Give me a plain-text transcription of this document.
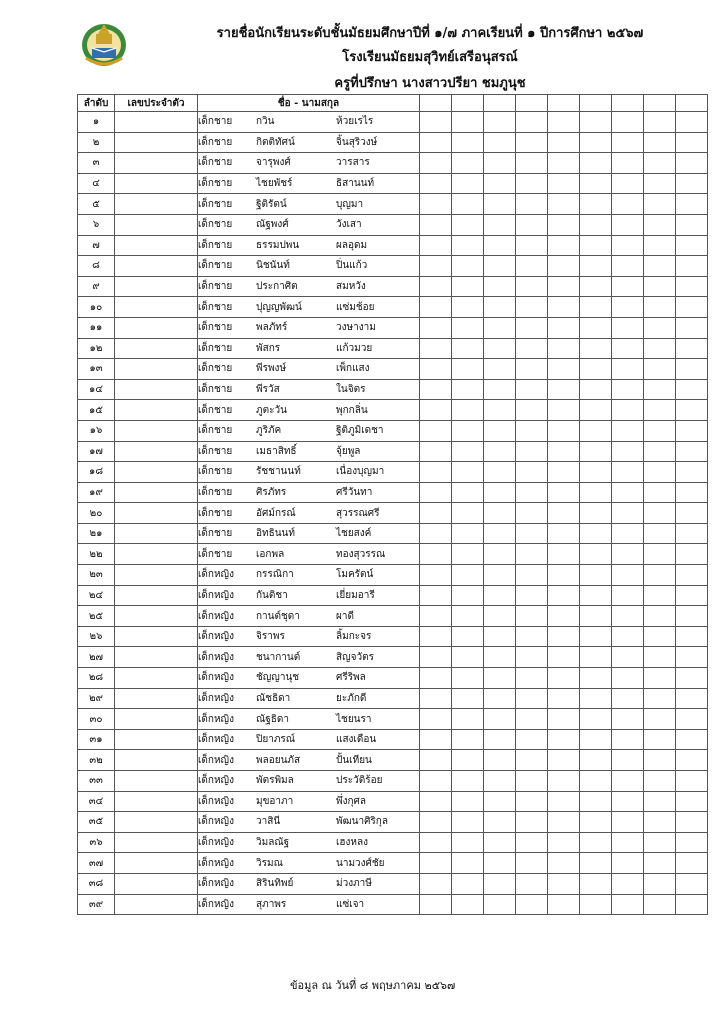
รายชื่อนักเรียนระดับชั้นมัธยมศึกษาปีที่ ๑/๗ ภาคเรียนที่ ๑ ปีการศึกษา ๒๕๖๗
โรงเรียนมัธยมสุวิทย์เสรีอนุสรณ์
ครูที่ปรึกษา นางสาวปรียา ชมภูนุช
ลำดับ	เลขประจำตัว	ชื่อ - นามสกุล									
๑		เด็กชาย กวิน ห้วยเรไร									
๒		เด็กชาย กิตติทัศน์ จิ้นสุริวงษ์									
๓		เด็กชาย จารุพงศ์ วารสาร									
๔		เด็กชาย ไชยพัชร์ ธิสานนท์									
๕		เด็กชาย ฐิติรัตน์ บุญมา									
๖		เด็กชาย ณัฐพงศ์ วังเสา									
๗		เด็กชาย ธรรมปพน ผลอุดม									
๘		เด็กชาย นิชนันท์ ปิ่นแก้ว									
๙		เด็กชาย ประกาศิต สมหวัง									
๑๐		เด็กชาย ปุญญพัฒน์ แซ่มช้อย									
๑๑		เด็กชาย พลภัทร์ วงษางาม									
๑๒		เด็กชาย พัสกร แก้วมวย									
๑๓		เด็กชาย พีรพงษ์ เพ็กแสง									
๑๔		เด็กชาย พีรวัส ในจิตร									
๑๕		เด็กชาย ภูตะวัน พุกกลิ่น									
๑๖		เด็กชาย ภูริภัค ฐิติภูมิเดชา									
๑๗		เด็กชาย เมธาสิทธิ์ จุ้ยพูล									
๑๘		เด็กชาย รัชชานนท์ เนื่องบุญมา									
๑๙		เด็กชาย ศิรภัทร ศรีวันทา									
๒๐		เด็กชาย อัศม์กรณ์ สุวรรณศรี									
๒๑		เด็กชาย อิทธินนท์ ไชยสงค์									
๒๒		เด็กชาย เอกพล ทองสุวรรณ									
๒๓		เด็กหญิง กรรณิกา โมครัตน์									
๒๔		เด็กหญิง กันติชา เยี่ยมอารี									
๒๕		เด็กหญิง กานต์ชุดา ผาดี									
๒๖		เด็กหญิง จิราพร ลิ้มกะจร									
๒๗		เด็กหญิง ชนากานต์ สิญจวัตร									
๒๘		เด็กหญิง ชัญญานุช ศรีริพล									
๒๙		เด็กหญิง ณัชธิดา ยะภักดี									
๓๐		เด็กหญิง ณัฐธิดา ไชยนรา									
๓๑		เด็กหญิง ปิยาภรณ์ แสงเดือน									
๓๒		เด็กหญิง พลอยนภัส ปั้นเทียน									
๓๓		เด็กหญิง พัตรพิมล ประวัติร้อย									
๓๔		เด็กหญิง มุขอาภา พึ่งกุศล									
๓๕		เด็กหญิง วาสินี พัฒนาศิริกุล									
๓๖		เด็กหญิง วิมลณัฐ เฮงหลง									
๓๗		เด็กหญิง วิรมณ นามวงศ์ชัย									
๓๘		เด็กหญิง สิรินทิพย์ ม่วงภาษี									
๓๙		เด็กหญิง สุภาพร แซ่เจา									
ข้อมูล ณ วันที่ ๘ พฤษภาคม ๒๕๖๗
